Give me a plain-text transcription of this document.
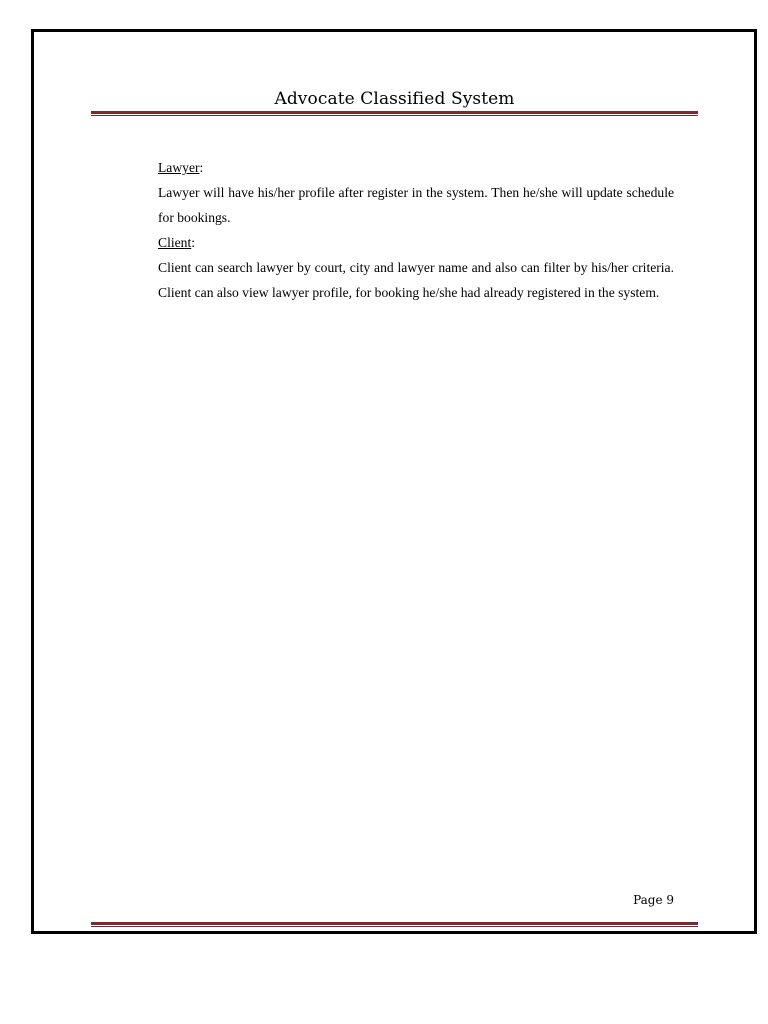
Advocate Classified System
Lawyer:

Lawyer will have his/her profile after register in the system. Then he/she will update schedule for bookings.

Client:

Client can search lawyer by court, city and lawyer name and also can filter by his/her criteria. Client can also view lawyer profile, for booking he/she had already registered in the system.

Page 9
